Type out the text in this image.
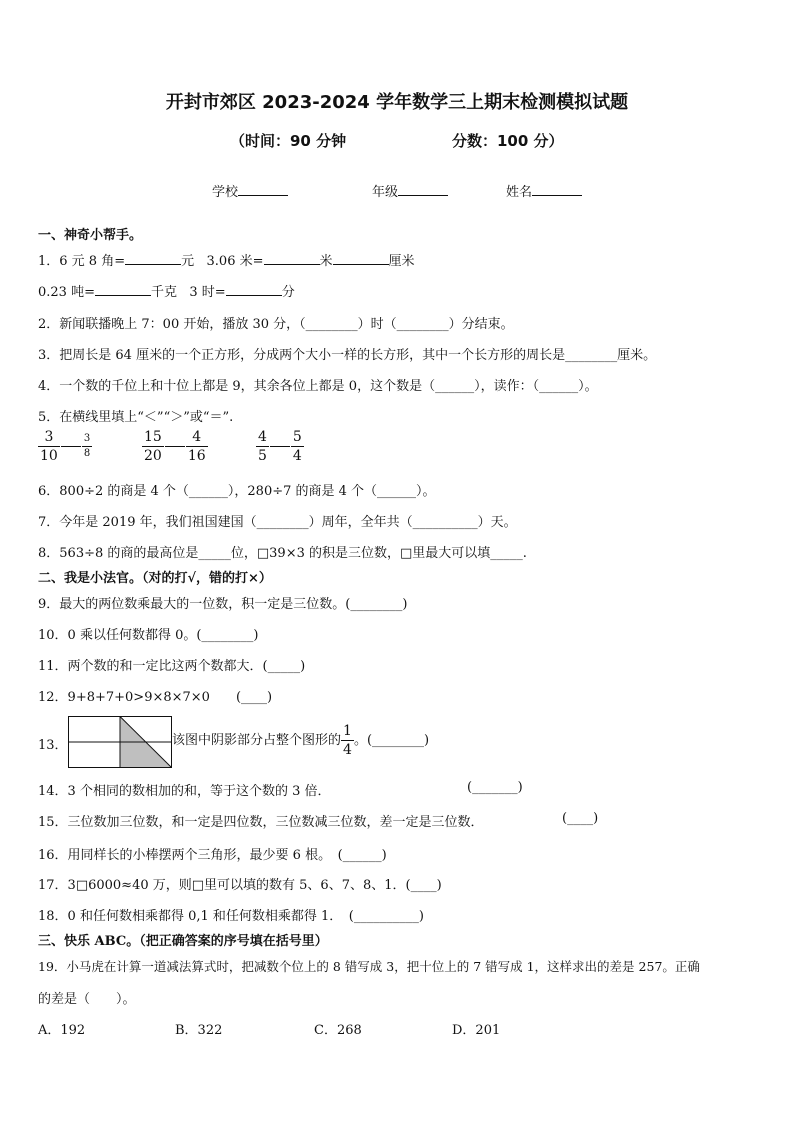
开封市郊区 2023-2024 学年数学三上期末检测模拟试题
（时间：90 分钟	分数：100 分）
学校	年级	姓名
一、神奇小帮手。
1．6 元 8 角=	元 3.06 米=	米	厘米
0.23 吨=	千克 3 时=	分
2．新闻联播晚上 7：00 开始，播放 30 分，（________）时（________）分结束。
3．把周长是 64 厘米的一个正方形，分成两个大小一样的长方形，其中一个长方形的周长是________厘米。
4．一个数的千位上和十位上都是 9，其余各位上都是 0，这个数是（______），读作：（______）。
5．在横线里填上“＜”“＞”或“＝”.
$\frac{3}{10} \frac{3}{8}$	$\frac{15}{20} \frac{4}{16}$	$\frac{4}{5} \frac{5}{4}$
6．800÷2 的商是 4 个（______），280÷7 的商是 4 个（______）。
7．今年是 2019 年，我们祖国建国（________）周年，全年共（__________）天。
8．563÷8 的商的最高位是_____位，□39×3 的积是三位数，□里最大可以填_____.
二、我是小法官。（对的打√，错的打×）
9．最大的两位数乘最大的一位数，积一定是三位数。(________)
10．0 乘以任何数都得 0。(________)
11．两个数的和一定比这两个数都大．(_____)
12．9+8+7+0>9×8×7×0　　(____)
13．	该图中阴影部分占整个图形的 $\frac{1}{4}$ 。(________)
14．3 个相同的数相加的和，等于这个数的 3 倍．	(_______)
15．三位数加三位数，和一定是四位数，三位数减三位数，差一定是三位数．	(____)
16．用同样长的小棒摆两个三角形，最少要 6 根。　(______)
17．3□6000≈40 万，则□里可以填的数有 5、6、7、8、1．(____)
18．0 和任何数相乘都得 0,1 和任何数相乘都得 1．　(__________)
三、快乐 ABC。（把正确答案的序号填在括号里）
19．小马虎在计算一道减法算式时，把减数个位上的 8 错写成 3，把十位上的 7 错写成 1，这样求出的差是 257。正确
的差是（　　）。
A．192	B．322	C．268	D．201
